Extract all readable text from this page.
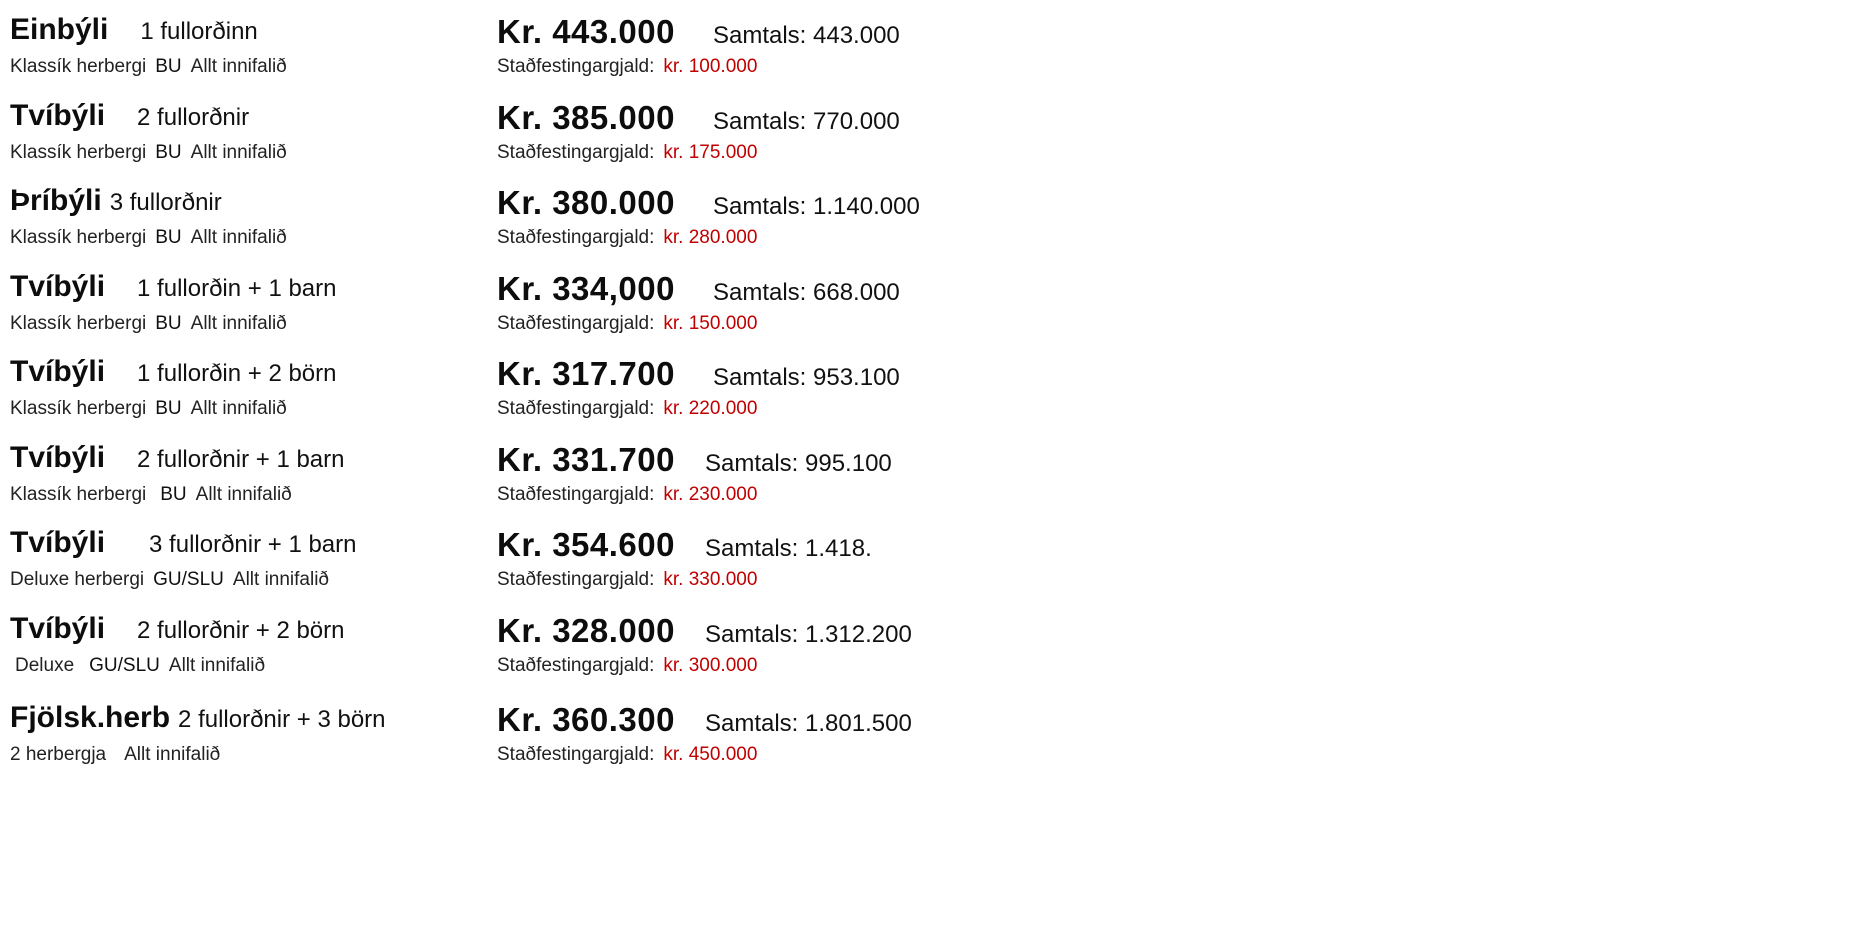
Einbýli 1 fullorðinn
Klassík herbergi BU Allt innifalið
Kr. 443.000 Samtals: 443.000
Staðfestingargjald: kr. 100.000
Tvíbýli 2 fullorðnir
Klassík herbergi BU Allt innifalið
Kr. 385.000 Samtals: 770.000
Staðfestingargjald: kr. 175.000
Þríbýli 3 fullorðnir
Klassík herbergi BU Allt innifalið
Kr. 380.000 Samtals: 1.140.000
Staðfestingargjald: kr. 280.000
Tvíbýli 1 fullorðin + 1 barn
Klassík herbergi BU Allt innifalið
Kr. 334,000 Samtals: 668.000
Staðfestingargjald: kr. 150.000
Tvíbýli 1 fullorðin + 2 börn
Klassík herbergi BU Allt innifalið
Kr. 317.700 Samtals: 953.100
Staðfestingargjald: kr. 220.000
Tvíbýli 2 fullorðnir + 1 barn
Klassík herbergi BU Allt innifalið
Kr. 331.700 Samtals: 995.100
Staðfestingargjald: kr. 230.000
Tvíbýli 3 fullorðnir + 1 barn
Deluxe herbergi GU/SLU Allt innifalið
Kr. 354.600 Samtals: 1.418.
Staðfestingargjald: kr. 330.000
Tvíbýli 2 fullorðnir + 2 börn
Deluxe GU/SLU Allt innifalið
Kr. 328.000 Samtals: 1.312.200
Staðfestingargjald: kr. 300.000
Fjölsk.herb 2 fullorðnir + 3 börn
2 herbergja Allt innifalið
Kr. 360.300 Samtals: 1.801.500
Staðfestingargjald: kr. 450.000
